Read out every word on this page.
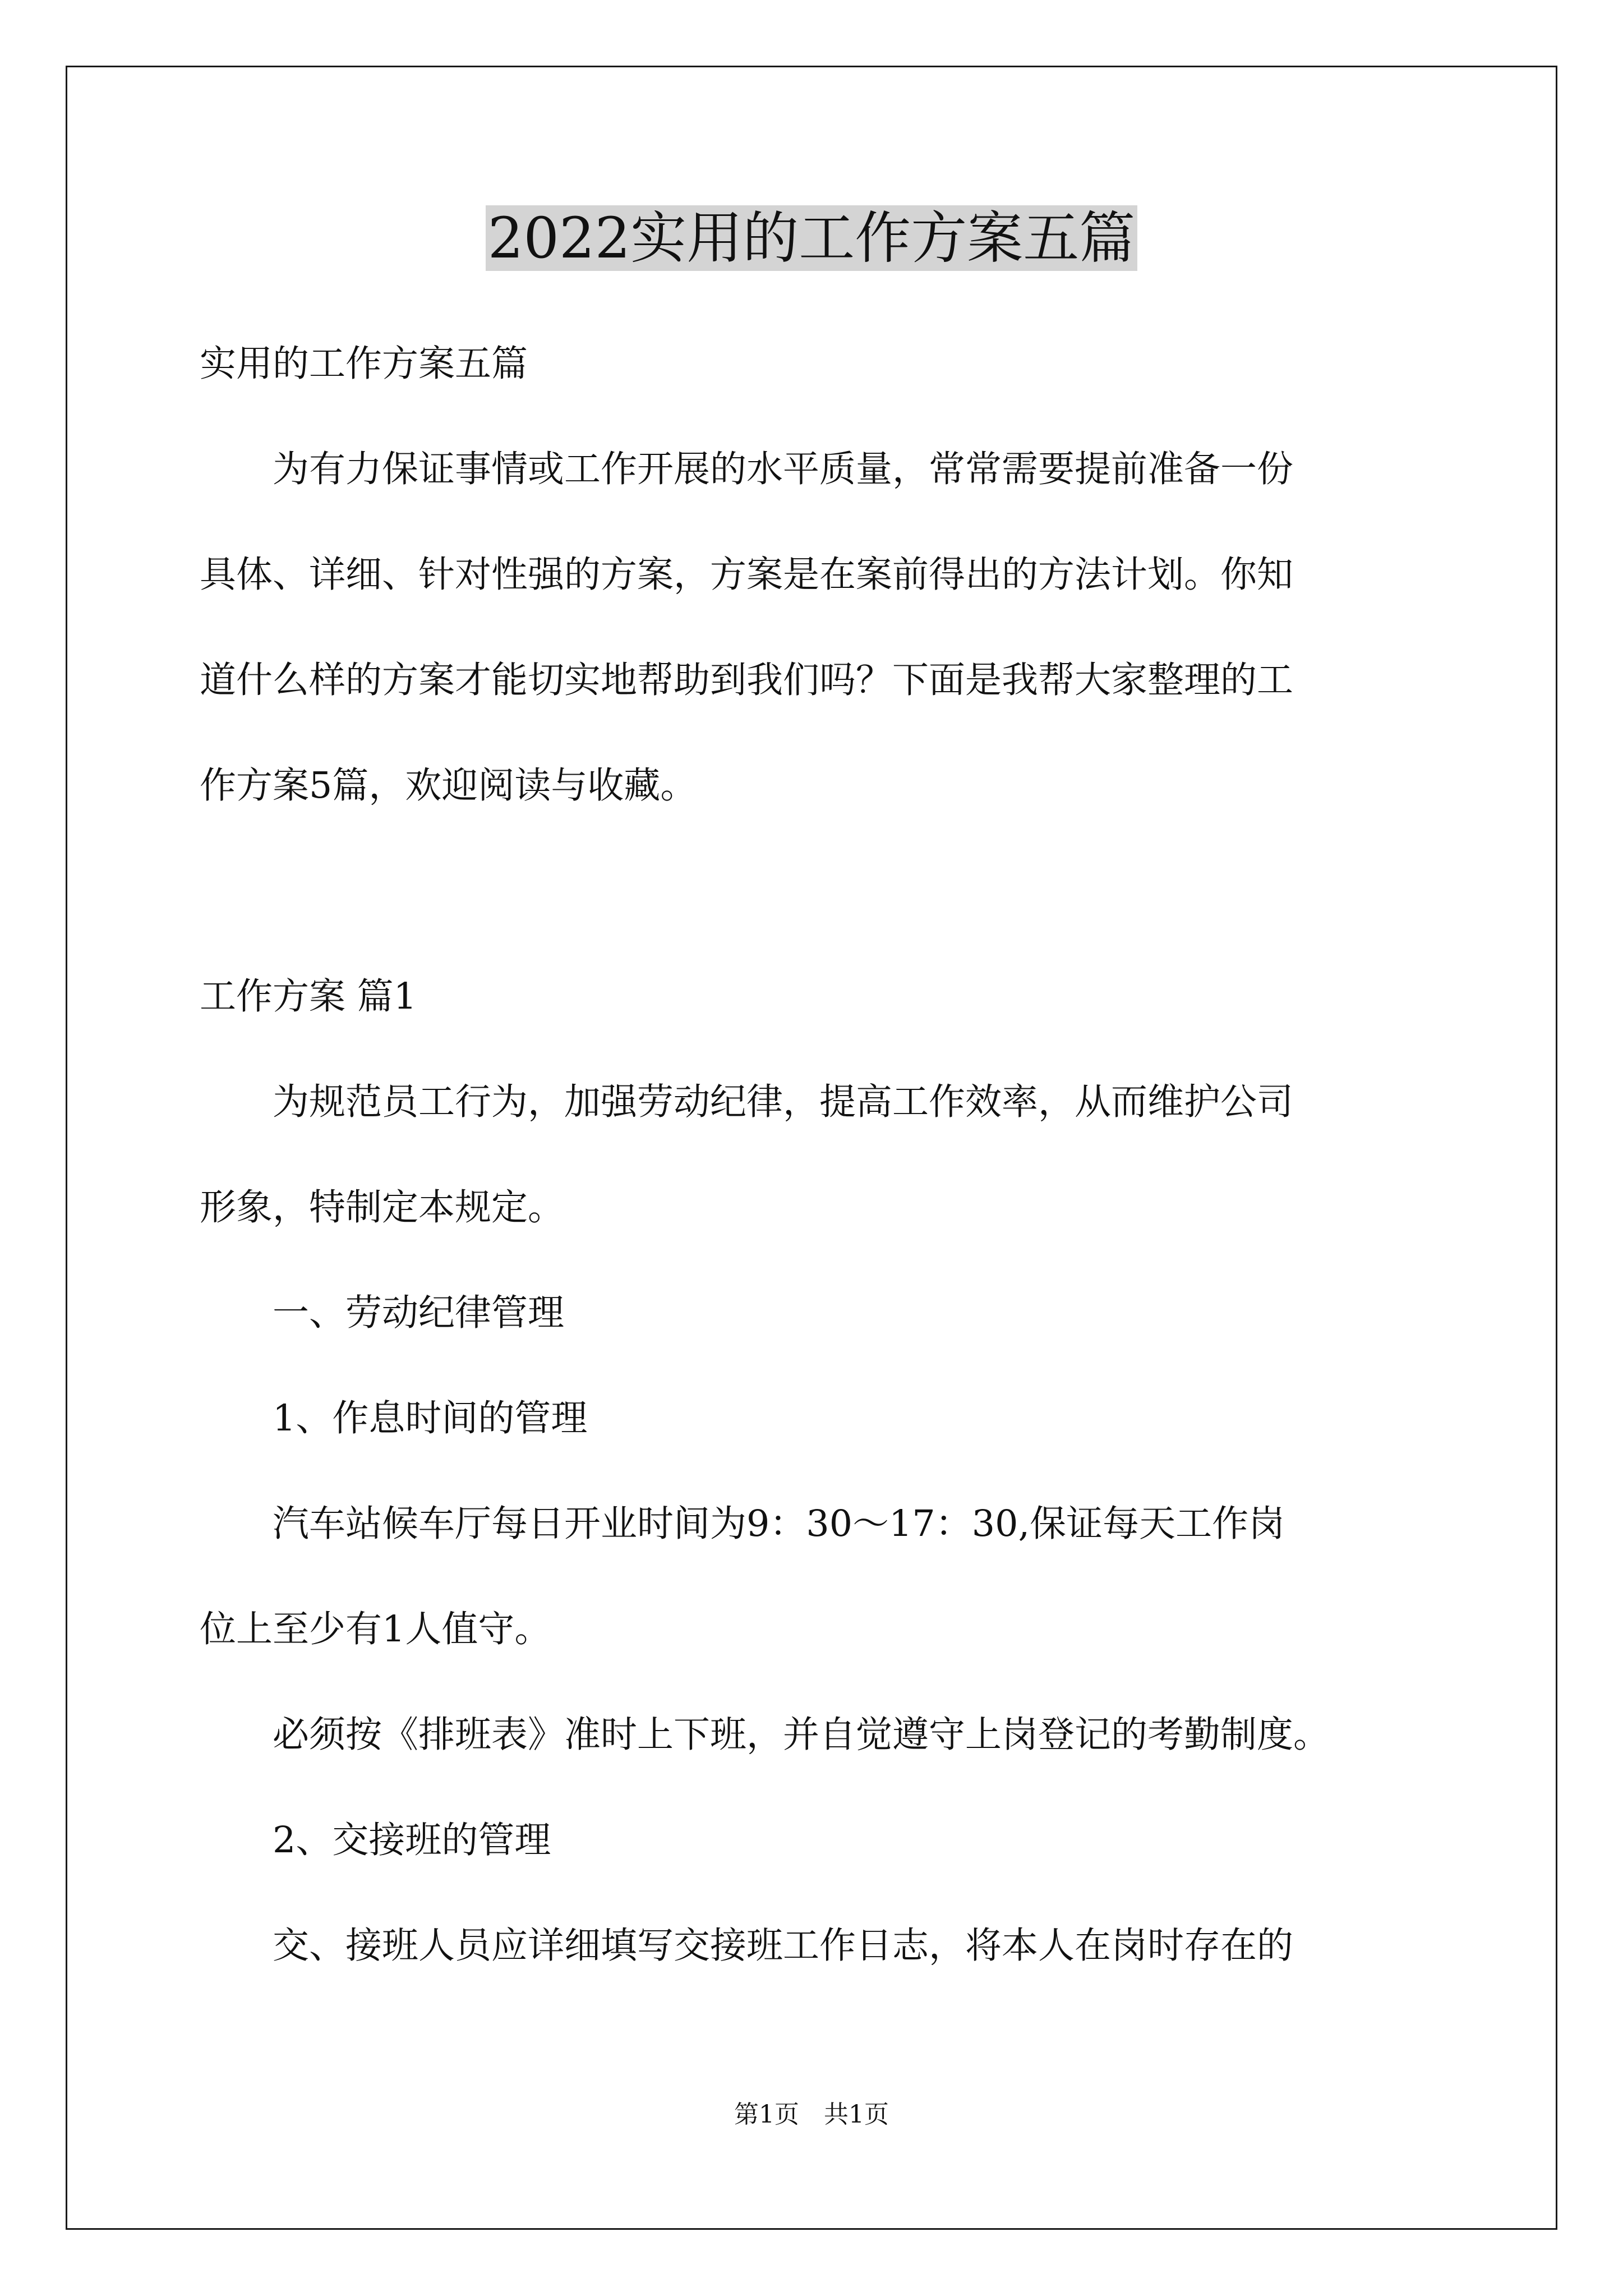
2022实用的工作方案五篇

实用的工作方案五篇

为有力保证事情或工作开展的水平质量，常常需要提前准备一份

具体、详细、针对性强的方案，方案是在案前得出的方法计划。你知

道什么样的方案才能切实地帮助到我们吗？下面是我帮大家整理的工

作方案5篇，欢迎阅读与收藏。

工作方案 篇1

为规范员工行为，加强劳动纪律，提高工作效率，从而维护公司

形象，特制定本规定。

一、劳动纪律管理

1、作息时间的管理

汽车站候车厅每日开业时间为9：30～17：30,保证每天工作岗

位上至少有1人值守。

必须按《排班表》准时上下班，并自觉遵守上岗登记的考勤制度。

2、交接班的管理

交、接班人员应详细填写交接班工作日志，将本人在岗时存在的

第1页　共1页
